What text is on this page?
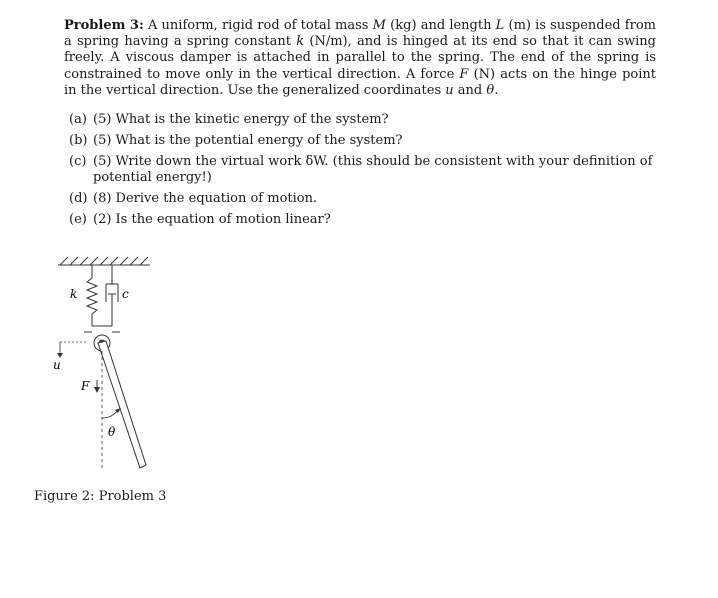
Problem 3: A uniform, rigid rod of total mass M (kg) and length L (m) is suspended from a spring having a spring constant k (N/m), and is hinged at its end so that it can swing freely. A viscous damper is attached in parallel to the spring. The end of the spring is constrained to move only in the vertical direction. A force F (N) acts on the hinge point in the vertical direction. Use the generalized coordinates u and θ.
(a) (5) What is the kinetic energy of the system?
(b) (5) What is the potential energy of the system?
(c) (5) Write down the virtual work δW. (this should be consistent with your definition of potential energy!)
(d) (8) Derive the equation of motion.
(e) (2) Is the equation of motion linear?
k	c
u
F
θ
Figure 2: Problem 3
